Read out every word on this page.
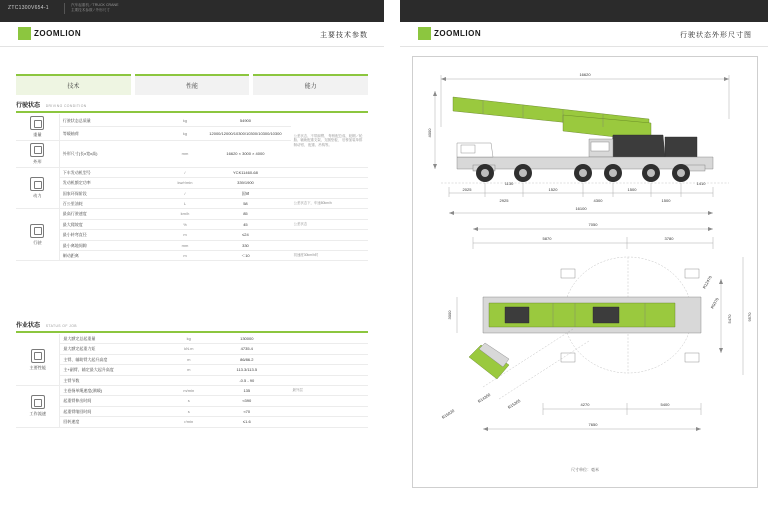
ZTC1300V654-1	汽车起重机／TRUCK CRANE
主要技术参数 / 外形尺寸
ZOOMLION	主要技术参数
技术	性能	能力
行驶状态 DRIVING CONDITION
重量	行驶状态总质量	kg	54900	公差状态、不带副臂、 每桥配总成、轮辋／轮胎、辅助配重支架、支腿垫板、 后桥加装单排制动钳、 配重、吊钩等。
	等载轴荷	kg	12000/12000/10300/10300/10300/10300	

外形	外形尺寸(长x宽x高)	mm	16620 × 3000 × 4000	

动力	下车发动机型号	/	YCK11460-68	
	发动机额定功率	kw/r/min	339/1900	
	国家环保阶段	/	国Ⅵ	
	百公里油耗	L	58	公差状态下，车速80km/h

行驶	最高行驶速度	km/h	85	
	最大爬坡度	%	45	公差状态
	最小转弯直径	m	≤24	
	最小离地间隙	mm	330	
	制动距离	m	＜10	初速度30km/h时
作业状态 STATUS OF JOB
主要性能	最大额定总起重量	kg	130000	
	最大额定起重力矩	kN.m	4735.4	
	主臂、辅助臂大起升高度	m	86/86.2	
	主+副臂、辅定最大起升高度	m	113.3/113.5	
	主臂节数		-0.5 - 90	

工作流速	主卷扬单绳速度(满载)	m/min	135	最外层
	起重臂伸出时间	s	≈390	
	起重臂缩回时间	s	≈70	
	回转速度	r/min	≤1.6	
ZOOMLION	行驶状态外形尺寸图
16620
4000
2025
2925
1520
4300
1500
1500
1130	1410
16100
7050
5870	3780
R14300
R15365
R16820
R12470
R9370
5470	9570
3000
4270	5400
7650
尺寸单位：毫米
